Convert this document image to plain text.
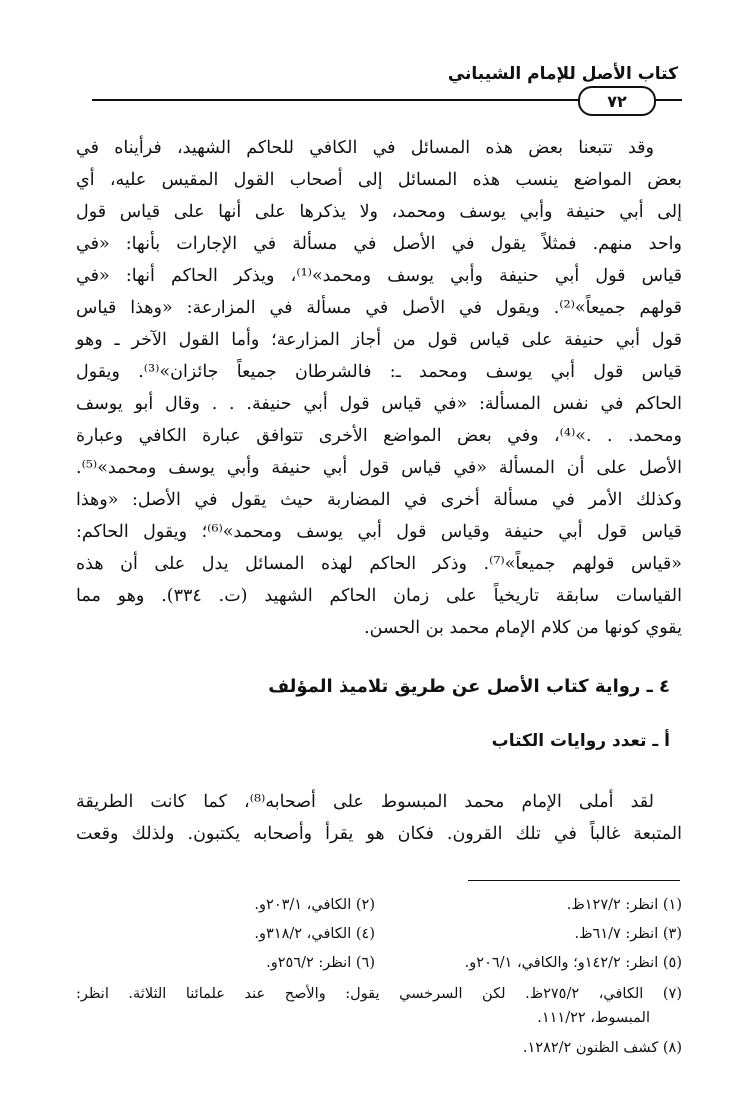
كتاب الأصل للإمام الشيباني
٧٢
وقد تتبعنا بعض هذه المسائل في الكافي للحاكم الشهيد، فرأيناه في
بعض المواضع ينسب هذه المسائل إلى أصحاب القول المقيس عليه، أي
إلى أبي حنيفة وأبي يوسف ومحمد، ولا يذكرها على أنها على قياس قول
واحد منهم. فمثلاً يقول في الأصل في مسألة في الإجارات بأنها: «في
قياس قول أبي حنيفة وأبي يوسف ومحمد»⁽¹⁾، ويذكر الحاكم أنها: «في
قولهم جميعاً»⁽²⁾. ويقول في الأصل في مسألة في المزارعة: «وهذا قياس
قول أبي حنيفة على قياس قول من أجاز المزارعة؛ وأما القول الآخر ـ وهو
قياس قول أبي يوسف ومحمد ـ: فالشرطان جميعاً جائزان»⁽³⁾. ويقول
الحاكم في نفس المسألة: «في قياس قول أبي حنيفة. . . وقال أبو يوسف
ومحمد. . .»⁽⁴⁾، وفي بعض المواضع الأخرى تتوافق عبارة الكافي وعبارة
الأصل على أن المسألة «في قياس قول أبي حنيفة وأبي يوسف ومحمد»⁽⁵⁾.
وكذلك الأمر في مسألة أخرى في المضاربة حيث يقول في الأصل: «وهذا
قياس قول أبي حنيفة وقياس قول أبي يوسف ومحمد»⁽⁶⁾؛ ويقول الحاكم:
«قياس قولهم جميعاً»⁽⁷⁾. وذكر الحاكم لهذه المسائل يدل على أن هذه
القياسات سابقة تاريخياً على زمان الحاكم الشهيد (ت. ٣٣٤). وهو مما
يقوي كونها من كلام الإمام محمد بن الحسن.
٤ ـ رواية كتاب الأصل عن طريق تلاميذ المؤلف
أ ـ تعدد روايات الكتاب
لقد أملى الإمام محمد المبسوط على أصحابه⁽⁸⁾، كما كانت الطريقة
المتبعة غالباً في تلك القرون. فكان هو يقرأ وأصحابه يكتبون. ولذلك وقعت
(١) انظر: ١٢٧/٢ظ.
(٢) الكافي، ٢٠٣/١و.
(٣) انظر: ٦١/٧ظ.
(٤) الكافي، ٣١٨/٢و.
(٥) انظر: ١٤٢/٢و؛ والكافي، ٢٠٦/١و.
(٦) انظر: ٢٥٦/٢و.
(٧) الكافي، ٢٧٥/٢ظ. لكن السرخسي يقول: والأصح عند علمائنا الثلاثة. انظر:
المبسوط، ١١١/٢٢.
(٨) كشف الظنون ١٢٨٢/٢.
